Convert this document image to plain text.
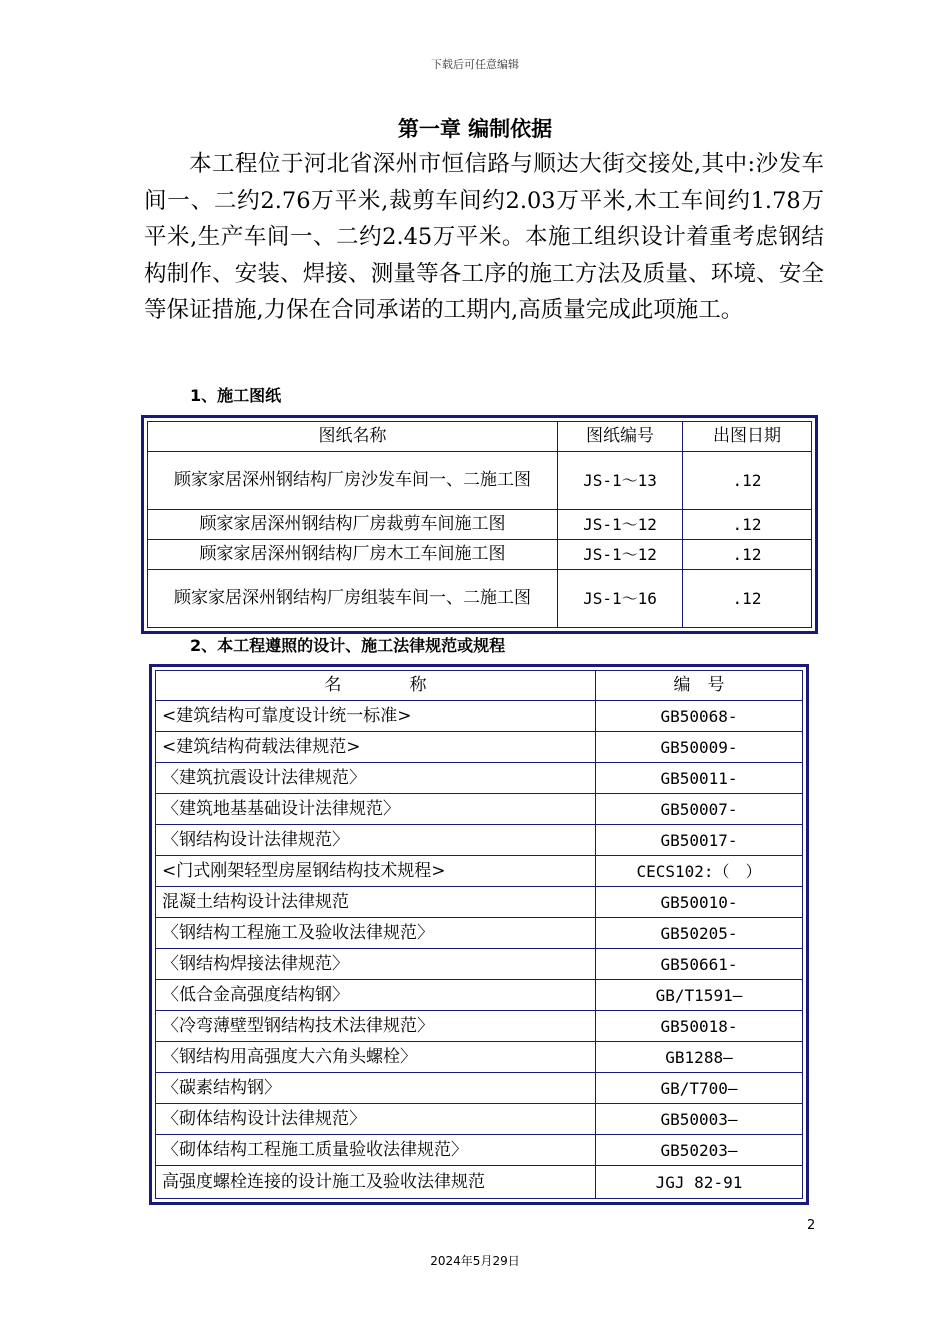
下载后可任意编辑
第一章 编制依据
本工程位于河北省深州市恒信路与顺达大街交接处,其中:沙发车间一、二约2.76万平米,裁剪车间约2.03万平米,木工车间约1.78万平米,生产车间一、二约2.45万平米。本施工组织设计着重考虑钢结构制作、安装、焊接、测量等各工序的施工方法及质量、环境、安全等保证措施,力保在合同承诺的工期内,高质量完成此项施工。
1、施工图纸
图纸名称	图纸编号	出图日期
顾家家居深州钢结构厂房沙发车间一、二施工图	JS-1～13	.12
顾家家居深州钢结构厂房裁剪车间施工图	JS-1～12	.12
顾家家居深州钢结构厂房木工车间施工图	JS-1～12	.12
顾家家居深州钢结构厂房组装车间一、二施工图	JS-1～16	.12
2、本工程遵照的设计、施工法律规范或规程
名　　　　称	编　号
<建筑结构可靠度设计统一标准>	GB50068-
<建筑结构荷载法律规范>	GB50009-
〈建筑抗震设计法律规范〉	GB50011-
〈建筑地基基础设计法律规范〉	GB50007-
〈钢结构设计法律规范〉	GB50017-
<门式刚架轻型房屋钢结构技术规程>	CECS102:（　）
混凝土结构设计法律规范	GB50010-
〈钢结构工程施工及验收法律规范〉	GB50205-
〈钢结构焊接法律规范〉	GB50661-
〈低合金高强度结构钢〉	GB/T1591—
〈冷弯薄壁型钢结构技术法律规范〉	GB50018-
〈钢结构用高强度大六角头螺栓〉	GB1288—
〈碳素结构钢〉	GB/T700—
〈砌体结构设计法律规范〉	GB50003—
〈砌体结构工程施工质量验收法律规范〉	GB50203—
高强度螺栓连接的设计施工及验收法律规范	JGJ 82-91
2
2024年5月29日
